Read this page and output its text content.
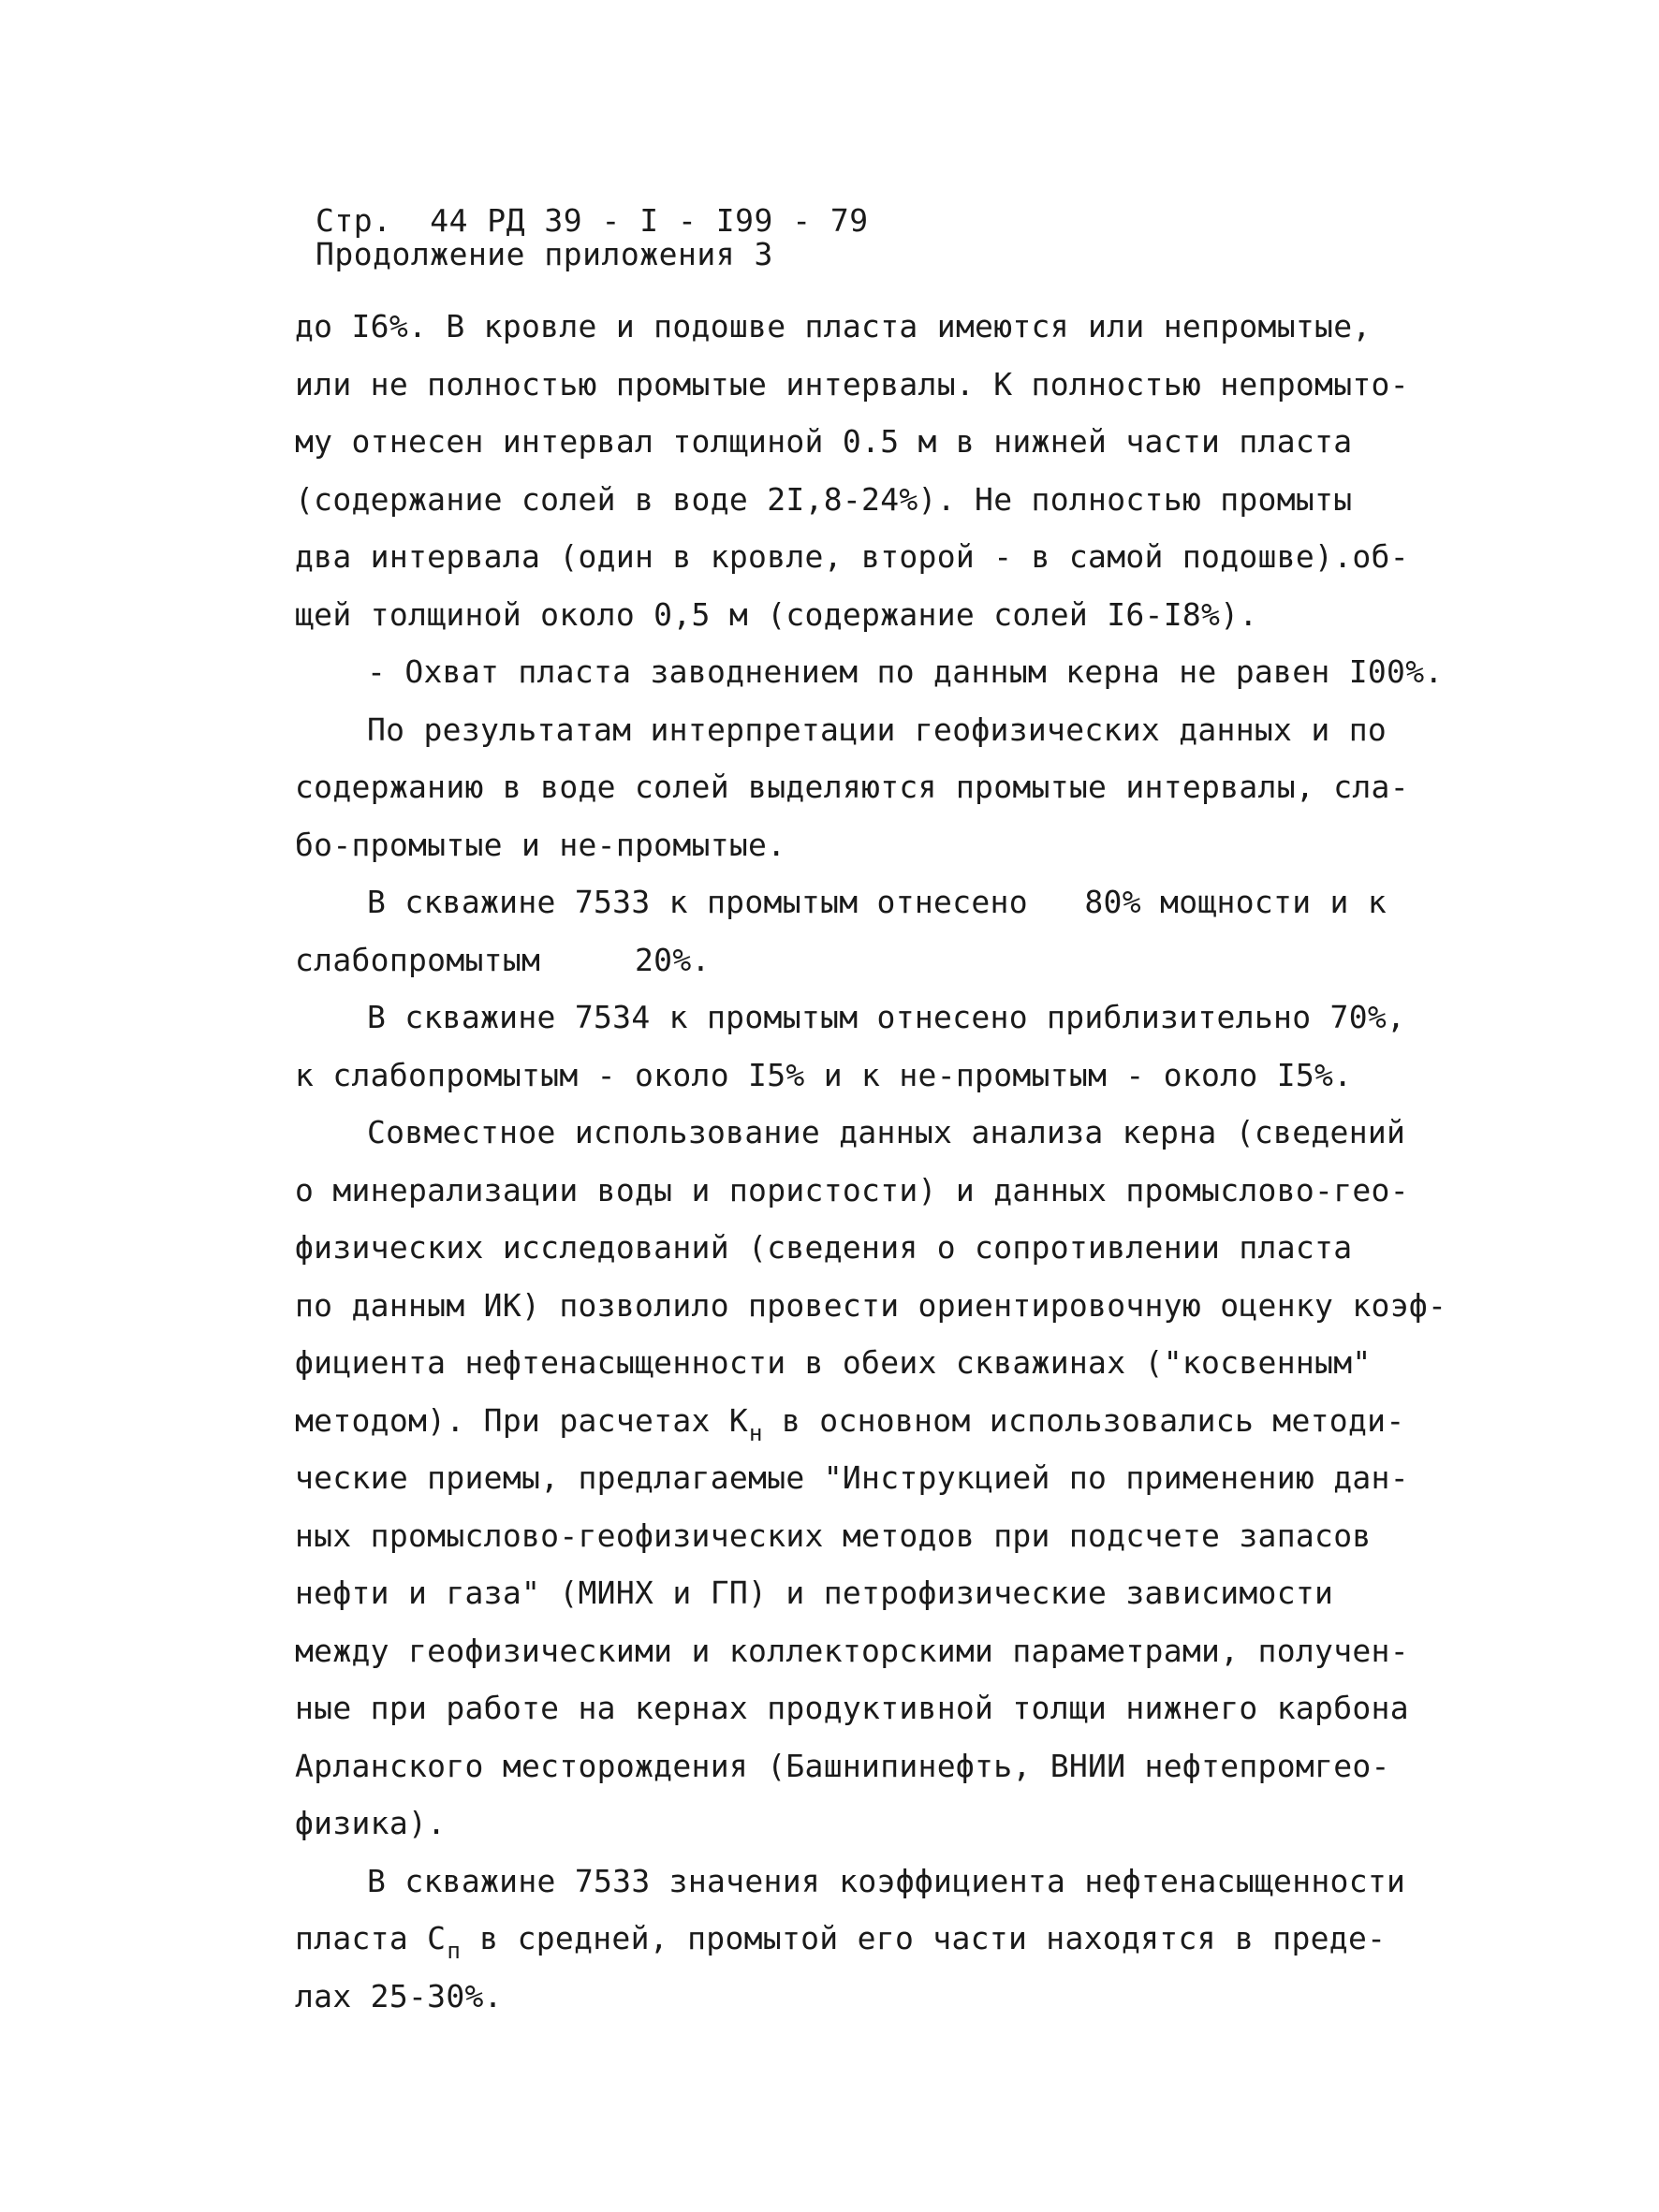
Стр.  44 РД 39 - I - I99 - 79
Продолжение приложения 3
до I6%. В кровле и подошве пласта имеются или непромытые,
или не полностью промытые интервалы. К полностью непромыто-
му отнесен интервал толщиной 0.5 м в нижней части пласта
(содержание солей в воде 2I,8-24%). Не полностью промыты
два интервала (один в кровле, второй - в самой подошве).об-
щей толщиной около 0,5 м (содержание солей I6-I8%).
- Охват пласта заводнением по данным керна не равен I00%.
По результатам интерпретации геофизических данных и по
содержанию в воде солей выделяются промытые интервалы, сла-
бо-промытые и не-промытые.
В скважине 7533 к промытым отнесено   80% мощности и к
слабопромытым     20%.
В скважине 7534 к промытым отнесено приблизительно 70%,
к слабопромытым - около I5% и к не-промытым - около I5%.
Совместное использование данных анализа керна (сведений
о минерализации воды и пористости) и данных промыслово-гео-
физических исследований (сведения о сопротивлении пласта
по данным ИК) позволило провести ориентировочную оценку коэф-
фициента нефтенасыщенности в обеих скважинах ("косвенным"
методом). При расчетах $К_н$ в основном использовались методи-
ческие приемы, предлагаемые "Инструкцией по применению дан-
ных промыслово-геофизических методов при подсчете запасов
нефти и газа" (МИНХ и ГП) и петрофизические зависимости
между геофизическими и коллекторскими параметрами, получен-
ные при работе на кернах продуктивной толщи нижнего карбона
Арланского месторождения (Башнипинефть, ВНИИ нефтепромгео-
физика).
В скважине 7533 значения коэффициента нефтенасыщенности
пласта $С_п$ в средней, промытой его части находятся в преде-
лах 25-30%.
